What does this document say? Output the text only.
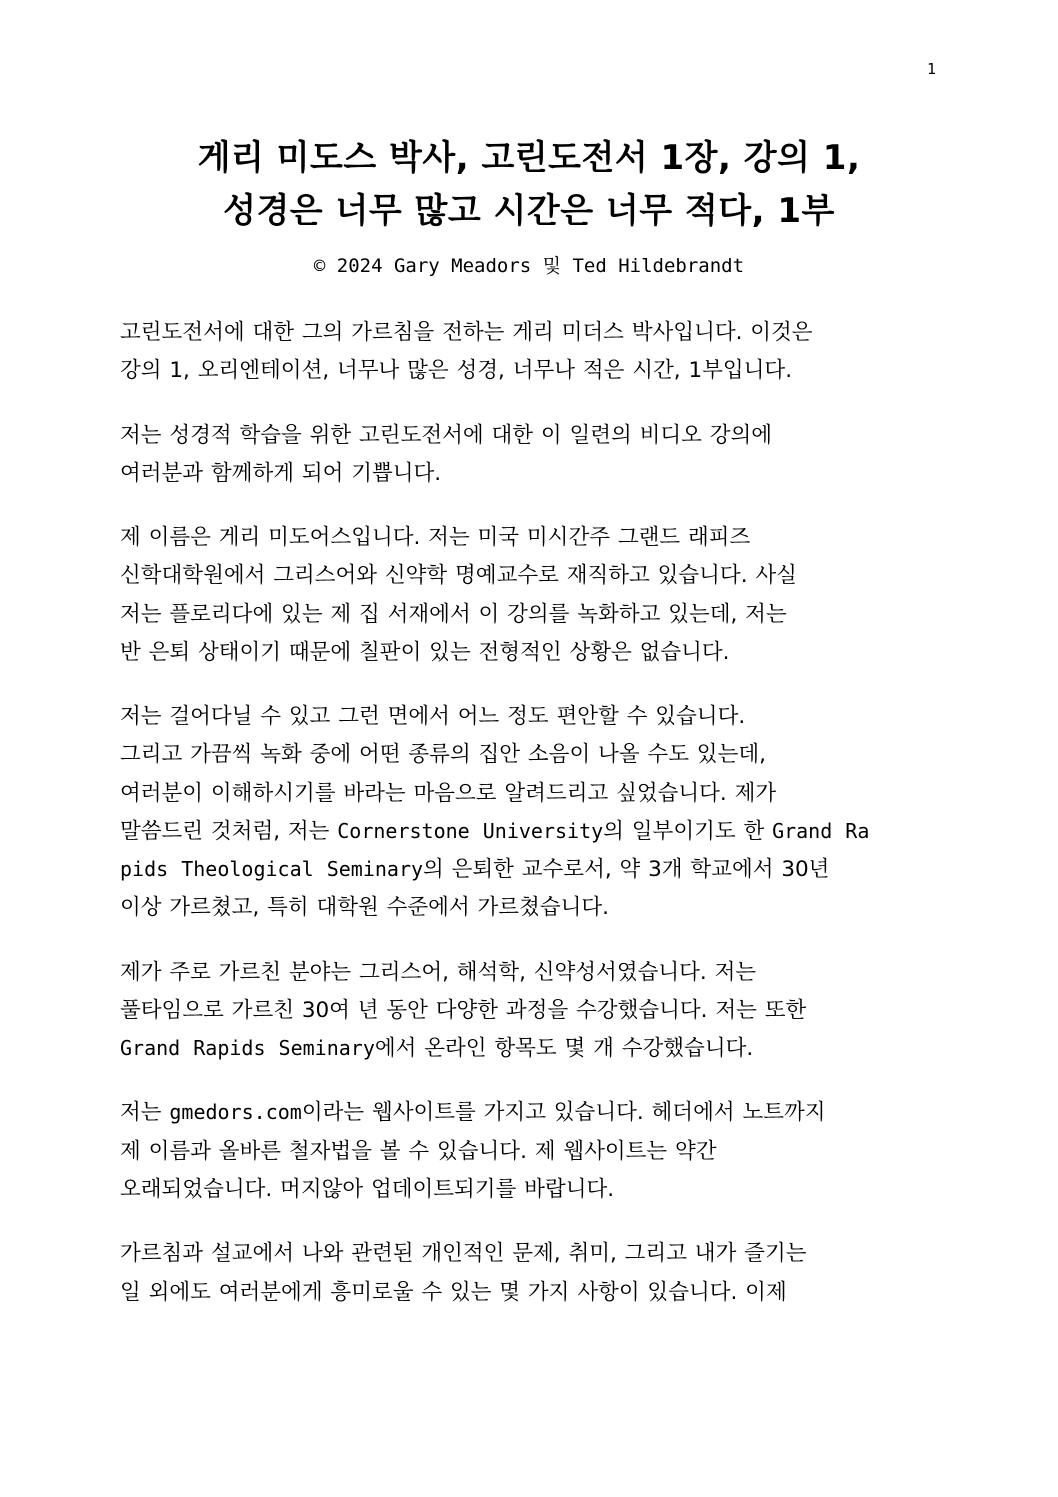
1
게리 미도스 박사, 고린도전서 1장, 강의 1,
성경은 너무 많고 시간은 너무 적다, 1부
© 2024 Gary Meadors 및 Ted Hildebrandt

고린도전서에 대한 그의 가르침을 전하는 게리 미더스 박사입니다. 이것은
강의 1, 오리엔테이션, 너무나 많은 성경, 너무나 적은 시간, 1부입니다.

저는 성경적 학습을 위한 고린도전서에 대한 이 일련의 비디오 강의에
여러분과 함께하게 되어 기쁩니다.

제 이름은 게리 미도어스입니다. 저는 미국 미시간주 그랜드 래피즈
신학대학원에서 그리스어와 신약학 명예교수로 재직하고 있습니다. 사실
저는 플로리다에 있는 제 집 서재에서 이 강의를 녹화하고 있는데, 저는
반 은퇴 상태이기 때문에 칠판이 있는 전형적인 상황은 없습니다.

저는 걸어다닐 수 있고 그런 면에서 어느 정도 편안할 수 있습니다.
그리고 가끔씩 녹화 중에 어떤 종류의 집안 소음이 나올 수도 있는데,
여러분이 이해하시기를 바라는 마음으로 알려드리고 싶었습니다. 제가
말씀드린 것처럼, 저는 Cornerstone University의 일부이기도 한 Grand Ra
pids Theological Seminary의 은퇴한 교수로서, 약 3개 학교에서 30년
이상 가르쳤고, 특히 대학원 수준에서 가르쳤습니다.

제가 주로 가르친 분야는 그리스어, 해석학, 신약성서였습니다. 저는
풀타임으로 가르친 30여 년 동안 다양한 과정을 수강했습니다. 저는 또한
Grand Rapids Seminary에서 온라인 항목도 몇 개 수강했습니다.

저는 gmedors.com이라는 웹사이트를 가지고 있습니다. 헤더에서 노트까지
제 이름과 올바른 철자법을 볼 수 있습니다. 제 웹사이트는 약간
오래되었습니다. 머지않아 업데이트되기를 바랍니다.

가르침과 설교에서 나와 관련된 개인적인 문제, 취미, 그리고 내가 즐기는
일 외에도 여러분에게 흥미로울 수 있는 몇 가지 사항이 있습니다. 이제
